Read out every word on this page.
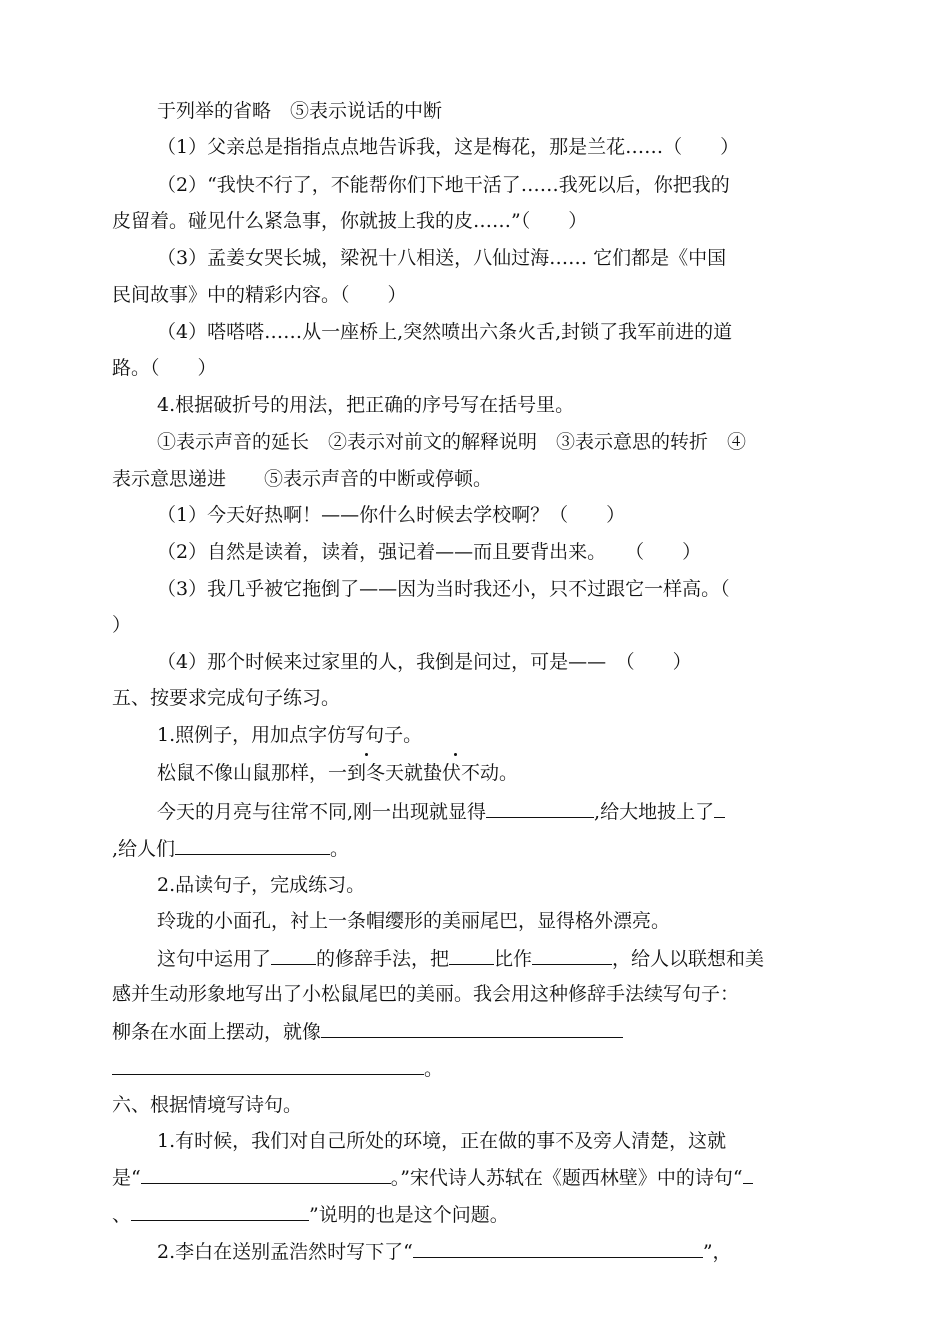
于列举的省略　⑤表示说话的中断
（1）父亲总是指指点点地告诉我，这是梅花，那是兰花……（　　）
（2）“我快不行了，不能帮你们下地干活了……我死以后，你把我的
皮留着。碰见什么紧急事，你就披上我的皮……”（　　）
（3）孟姜女哭长城，梁祝十八相送，八仙过海…… 它们都是《中国
民间故事》中的精彩内容。（　　）
（4）嗒嗒嗒……从一座桥上,突然喷出六条火舌,封锁了我军前进的道
路。（　　）
4.根据破折号的用法，把正确的序号写在括号里。
①表示声音的延长　②表示对前文的解释说明　③表示意思的转折　④
表示意思递进　　⑤表示声音的中断或停顿。
（1）今天好热啊！——你什么时候去学校啊？（　　）
（2）自然是读着，读着，强记着——而且要背出来。　　（　　）
（3）我几乎被它拖倒了——因为当时我还小，只不过跟它一样高。（
）
（4）那个时候来过家里的人，我倒是问过，可是——　（　　）
五、按要求完成句子练习。
1.照例子，用加点字仿写句子。
松鼠不像山鼠那样，一到冬天就蛰伏不动。
今天的月亮与往常不同,刚一出现就显得	,给大地披上了
,给人们	。
2.品读句子，完成练习。
玲珑的小面孔，衬上一条帽缨形的美丽尾巴，显得格外漂亮。
这句中运用了 的修辞手法，把 比作	，给人以联想和美
感并生动形象地写出了小松鼠尾巴的美丽。我会用这种修辞手法续写句子：
柳条在水面上摆动，就像
。
六、根据情境写诗句。
1.有时候，我们对自己所处的环境，正在做的事不及旁人清楚，这就
是“	。”宋代诗人苏轼在《题西林壁》中的诗句“
、	”说明的也是这个问题。
2.李白在送别孟浩然时写下了“	”，
